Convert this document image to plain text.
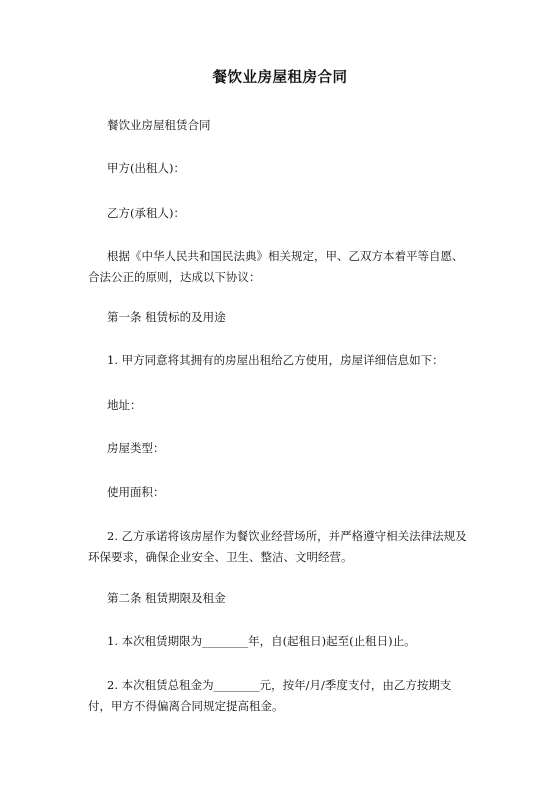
餐饮业房屋租房合同
餐饮业房屋租赁合同
甲方(出租人)：
乙方(承租人)：
根据《中华人民共和国民法典》相关规定，甲、乙双方本着平等自愿、合法公正的原则，达成以下协议：
第一条 租赁标的及用途
1. 甲方同意将其拥有的房屋出租给乙方使用，房屋详细信息如下：
地址：
房屋类型：
使用面积：
2. 乙方承诺将该房屋作为餐饮业经营场所，并严格遵守相关法律法规及环保要求，确保企业安全、卫生、整洁、文明经营。
第二条 租赁期限及租金
1. 本次租赁期限为________年，自(起租日)起至(止租日)止。
2. 本次租赁总租金为________元，按年/月/季度支付，由乙方按期支付，甲方不得偏离合同规定提高租金。
